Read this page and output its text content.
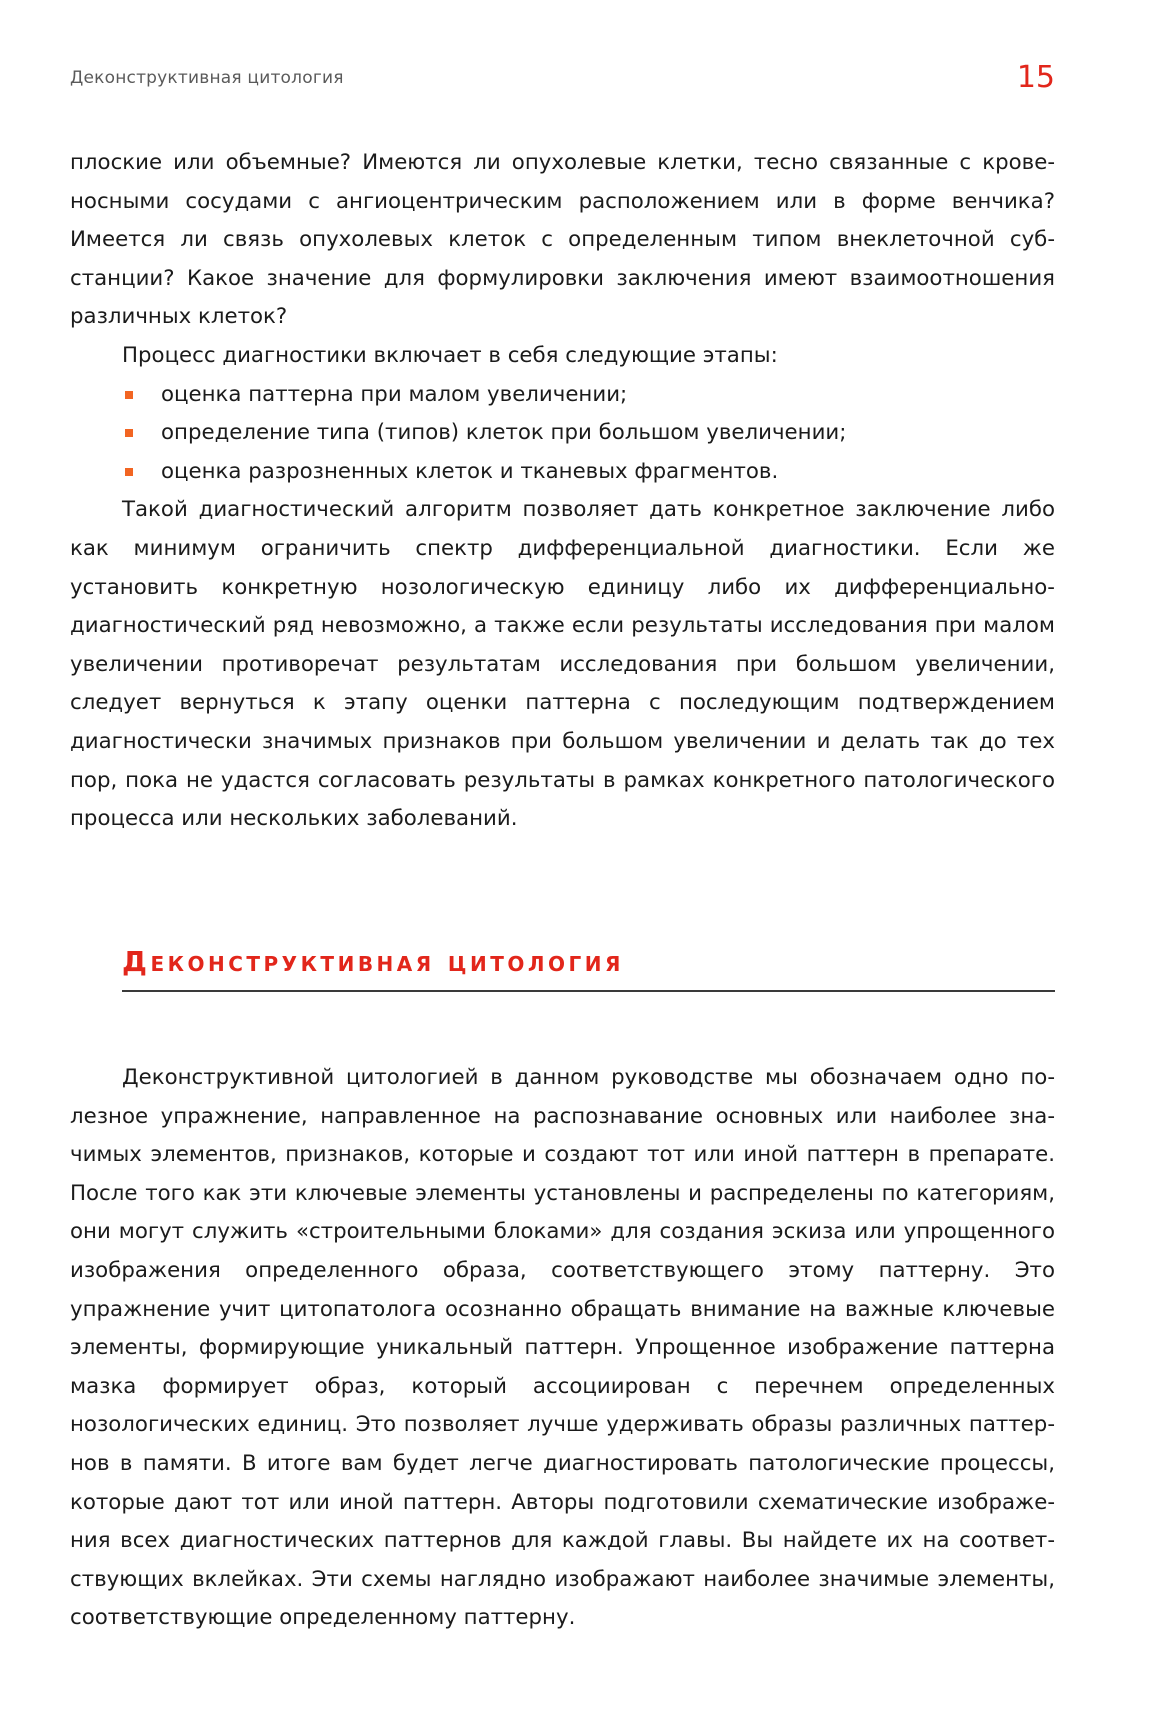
Деконструктивная цитология	15

плоские или объемные? Имеются ли опухолевые клетки, тесно связанные с кровеносными сосудами с ангиоцентрическим расположением или в форме венчика? Имеется ли связь опухолевых клеток с определенным типом внеклеточной субстанции? Какое значение для формулировки заключения имеют взаимоотношения различных клеток?

Процесс диагностики включает в себя следующие этапы:

оценка паттерна при малом увеличении;
определение типа (типов) клеток при большом увеличении;
оценка разрозненных клеток и тканевых фрагментов.

Такой диагностический алгоритм позволяет дать конкретное заключение либо как минимум ограничить спектр дифференциальной диагностики. Если же установить конкретную нозологическую единицу либо их дифференциально-диагностический ряд невозможно, а также если результаты исследования при малом увеличении противоречат результатам исследования при большом увеличении, следует вернуться к этапу оценки паттерна с последующим подтверждением диагностически значимых признаков при большом увеличении и делать так до тех пор, пока не удастся согласовать результаты в рамках конкретного патологического процесса или нескольких заболеваний.

Деконструктивная цитология

Деконструктивной цитологией в данном руководстве мы обозначаем одно полезное упражнение, направленное на распознавание основных или наиболее значимых элементов, признаков, которые и создают тот или иной паттерн в препарате. После того как эти ключевые элементы установлены и распределены по категориям, они могут служить «строительными блоками» для создания эскиза или упрощенного изображения определенного образа, соответствующего этому паттерну. Это упражнение учит цитопатолога осознанно обращать внимание на важные ключевые элементы, формирующие уникальный паттерн. Упрощенное изображение паттерна мазка формирует образ, который ассоциирован с перечнем определенных нозологических единиц. Это позволяет лучше удерживать образы различных паттернов в памяти. В итоге вам будет легче диагностировать патологические процессы, которые дают тот или иной паттерн. Авторы подготовили схематические изображения всех диагностических паттернов для каждой главы. Вы найдете их на соответствующих вклейках. Эти схемы наглядно изображают наиболее значимые элементы, соответствующие определенному паттерну.
